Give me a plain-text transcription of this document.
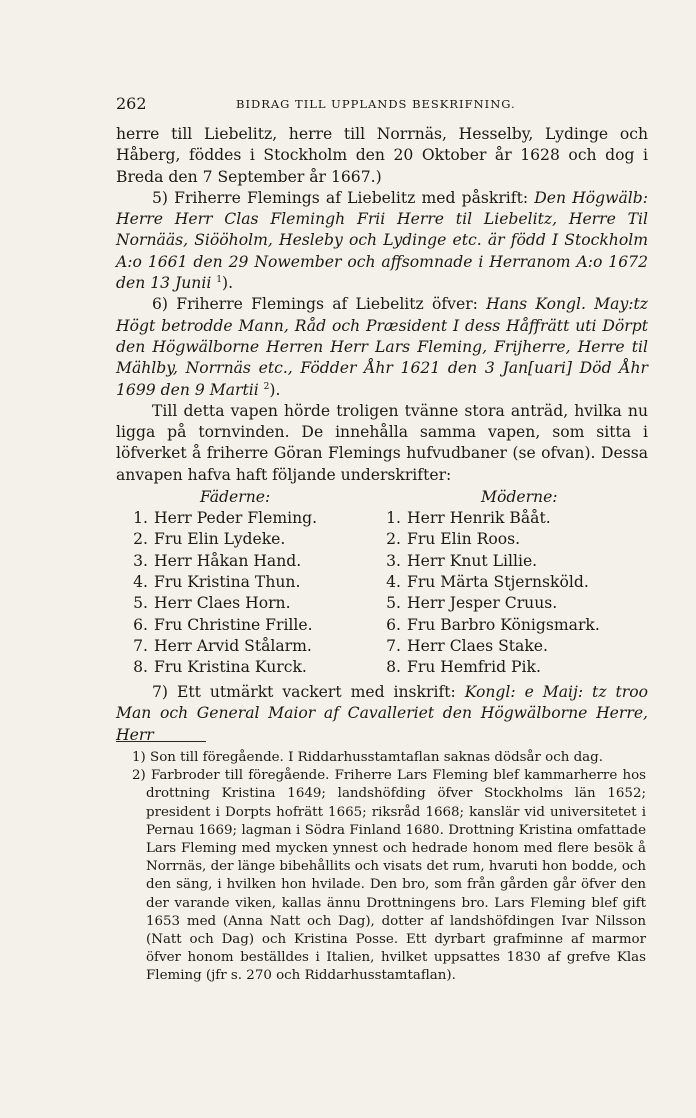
262	BIDRAG TILL UPPLANDS BESKRIFNING.

herre till Liebelitz, herre till Norrnäs, Hesselby, Lydinge och Håberg, föddes i Stockholm den 20 Oktober år 1628 och dog i Breda den 7 September år 1667.)

5) Friherre Flemings af Liebelitz med påskrift: Den Högwälb: Herre Herr Clas Flemingh Frii Herre til Liebelitz, Herre Til Nornääs, Siööholm, Hesleby och Lydinge etc. är född I Stockholm A:o 1661 den 29 Nowember och affsomnade i Herranom A:o 1672 den 13 Junii $^1$).

6) Friherre Flemings af Liebelitz öfver: Hans Kongl. May:tz Högt betrodde Mann, Råd och Præsident I dess Håffrätt uti Dörpt den Högwälborne Herren Herr Lars Fleming, Frijherre, Herre til Mählby, Norrnäs etc., Födder Åhr 1621 den 3 Jan[uari] Död Åhr 1699 den 9 Martii $^2$).

Till detta vapen hörde troligen tvänne stora anträd, hvilka nu ligga på tornvinden. De innehålla samma vapen, som sitta i löfverket å friherre Göran Flemings hufvudbaner (se ofvan). Dessa anvapen hafva haft följande underskrifter:

Fäderne:
1. Herr Peder Fleming.
2. Fru Elin Lydeke.
3. Herr Håkan Hand.
4. Fru Kristina Thun.
5. Herr Claes Horn.
6. Fru Christine Frille.
7. Herr Arvid Stålarm.
8. Fru Kristina Kurck.
Möderne:
1. Herr Henrik Bååt.
2. Fru Elin Roos.
3. Herr Knut Lillie.
4. Fru Märta Stjernsköld.
5. Herr Jesper Cruus.
6. Fru Barbro Königsmark.
7. Herr Claes Stake.
8. Fru Hemfrid Pik.

7) Ett utmärkt vackert med inskrift: Kongl: e Maij: tz troo Man och General Maior af Cavalleriet den Högwälborne Herre, Herr

1) Son till föregående. I Riddarhusstamtaflan saknas dödsår och dag.

2) Farbroder till föregående. Friherre Lars Fleming blef kammarherre hos drottning Kristina 1649; landshöfding öfver Stockholms län 1652; president i Dorpts hofrätt 1665; riksråd 1668; kanslär vid universitetet i Pernau 1669; lagman i Södra Finland 1680. Drottning Kristina omfattade Lars Fleming med mycken ynnest och hedrade honom med flere besök å Norrnäs, der länge bibehållits och visats det rum, hvaruti hon bodde, och den säng, i hvilken hon hvilade. Den bro, som från gården går öfver den der varande viken, kallas ännu Drottningens bro. Lars Fleming blef gift 1653 med (Anna Natt och Dag), dotter af landshöfdingen Ivar Nilsson (Natt och Dag) och Kristina Posse. Ett dyrbart grafminne af marmor öfver honom beställdes i Italien, hvilket uppsattes 1830 af grefve Klas Fleming (jfr s. 270 och Riddarhusstamtaflan).
